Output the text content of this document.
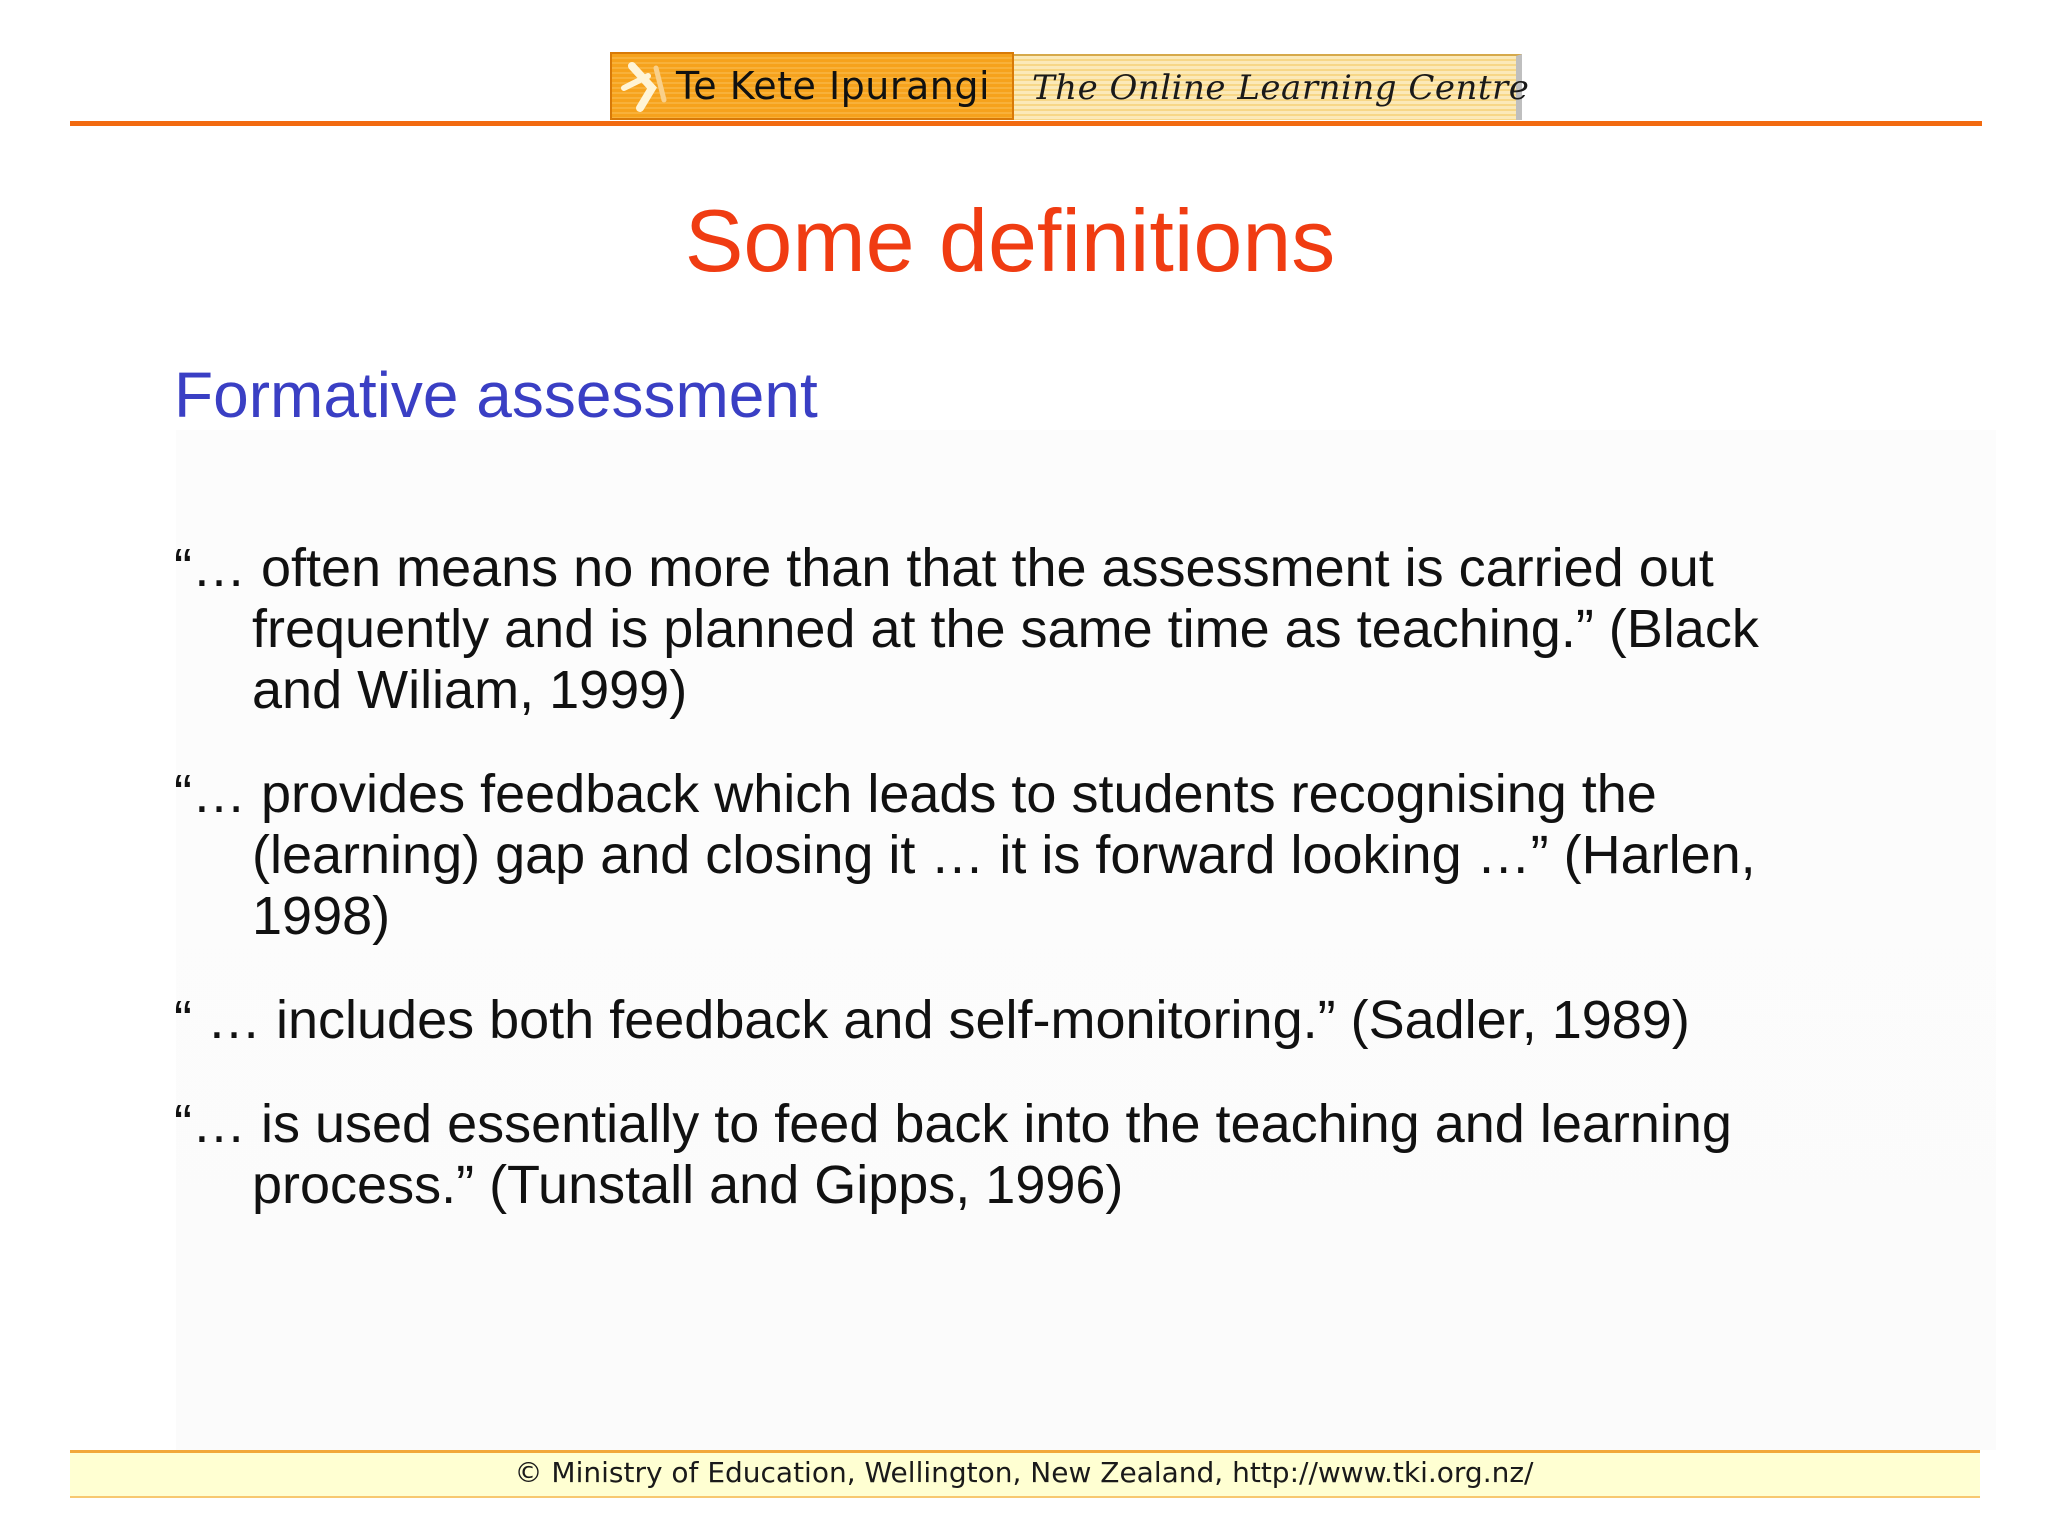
Te Kete Ipurangi The Online Learning Centre
Some definitions
Formative assessment
“… often means no more than that the assessment is carried out frequently and is planned at the same time as teaching.” (Black and Wiliam, 1999)
“… provides feedback which leads to students recognising the (learning) gap and closing it … it is forward looking …” (Harlen, 1998)
“ … includes both feedback and self-monitoring.” (Sadler, 1989)
“… is used essentially to feed back into the teaching and learning process.” (Tunstall and Gipps, 1996)
© Ministry of Education, Wellington, New Zealand, http://www.tki.org.nz/
